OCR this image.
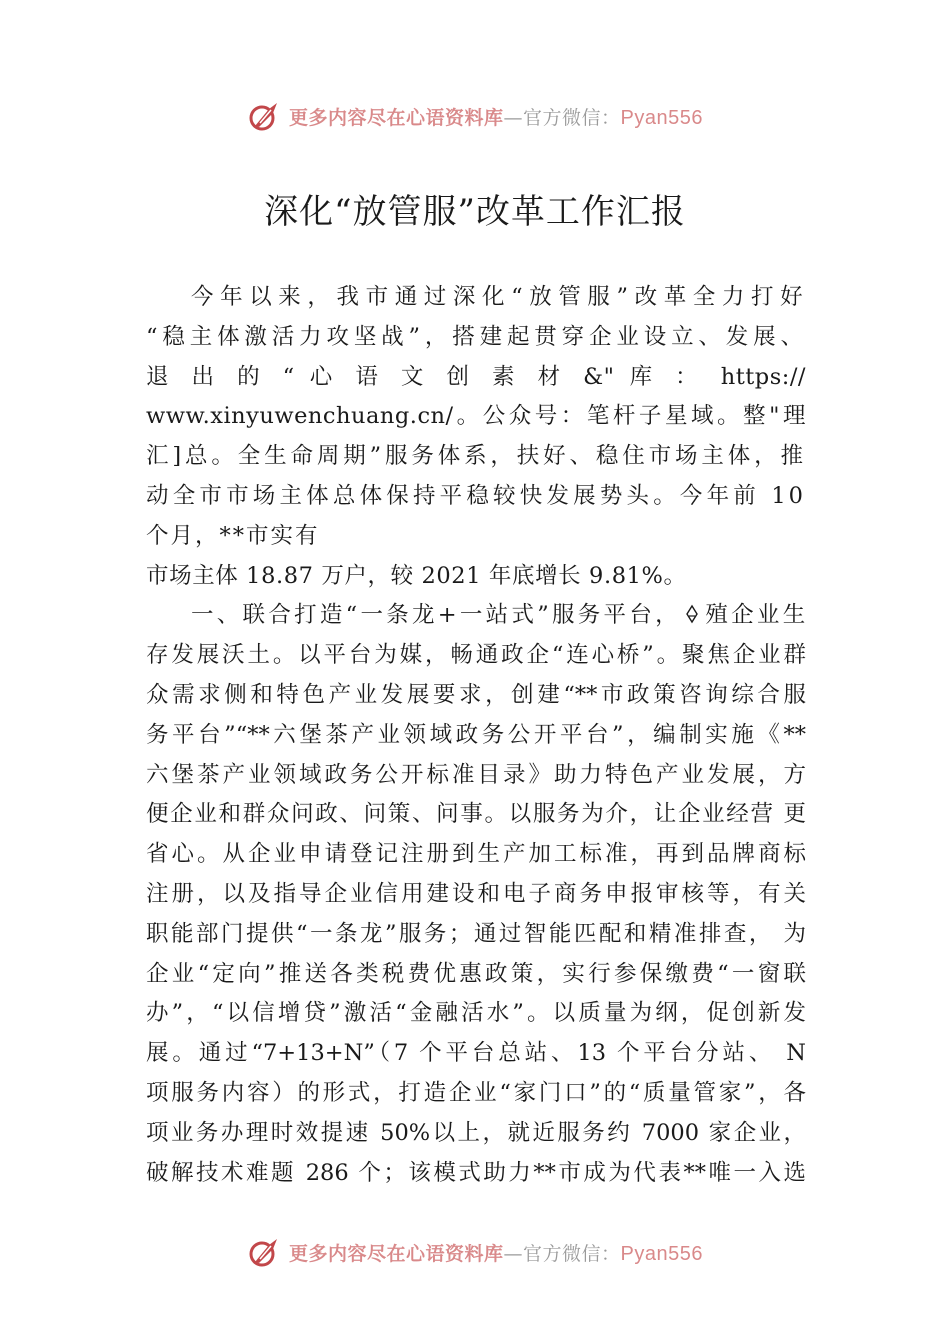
更多内容尽在心语资料库—官方微信：Pyan556
深化“放管服”改革工作汇报

今年以来，我市通过深化“放管服”改革全力打好
“稳主体激活力攻坚战”，搭建起贯穿企业设立、发展、
退 出 的 “ 心 语 文 创 素 材 &" 库 ： https://
www.xinyuwenchuang.cn/。公众号：笔杆子星域。整"理
汇]总。全生命周期”服务体系，扶好、稳住市场主体，推
动全市市场主体总体保持平稳较快发展势头。今年前 10
个月，**市实有

市场主体 18.87 万户，较 2021 年底增长 9.81%。

一、联合打造“一条龙+一站式”服务平台， 殖企业生
存发展沃土。以平台为媒，畅通政企“连心桥”。聚焦企业群
众需求侧和特色产业发展要求，创建“**市政策咨询综合服
务平台”“**六堡茶产业领域政务公开平台”，编制实施《**
六堡茶产业领域政务公开标准目录》助力特色产业发展，方
便企业和群众问政、问策、问事。以服务为介，让企业经营 更
省心。从企业申请登记注册到生产加工标准，再到品牌商标
注册，以及指导企业信用建设和电子商务申报审核等，有关
职能部门提供“一条龙”服务；通过智能匹配和精准排查， 为
企业“定向”推送各类税费优惠政策，实行参保缴费“一窗联
办”，“以信增贷”激活“金融活水”。以质量为纲，促创新发
展。通过“7+13+N”（7 个平台总站、13 个平台分站、 N
项服务内容）的形式，打造企业“家门口”的“质量管家”，各
项业务办理时效提速 50%以上，就近服务约 7000 家企业，
破解技术难题 286 个；该模式助力**市成为代表**唯一入选

更多内容尽在心语资料库—官方微信：Pyan556
